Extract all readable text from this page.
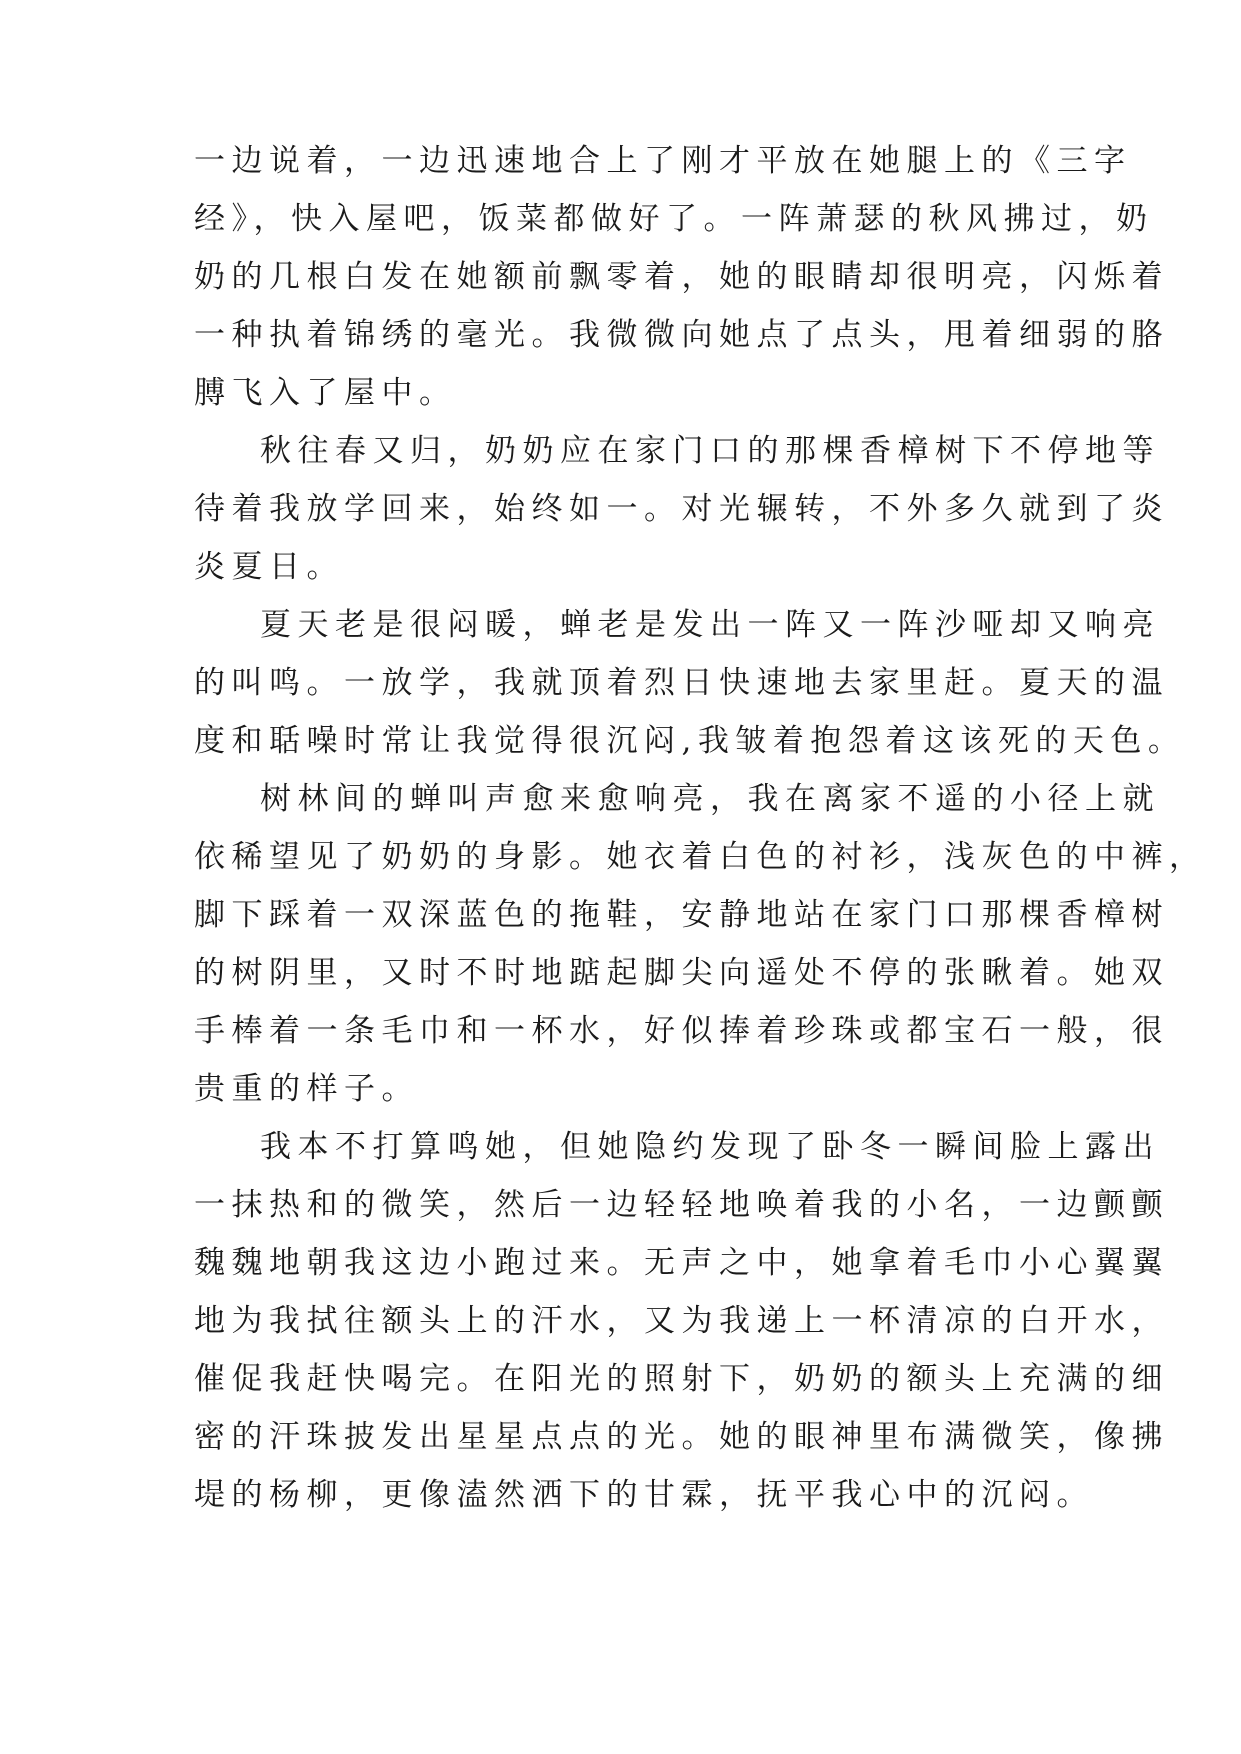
一边说着，一边迅速地合上了刚才平放在她腿上的《三字
经》，快入屋吧，饭菜都做好了。一阵萧瑟的秋风拂过，奶
奶的几根白发在她额前飘零着，她的眼睛却很明亮，闪烁着
一种执着锦绣的毫光。我微微向她点了点头，甩着细弱的胳
膊飞入了屋中。
秋往春又归，奶奶应在家门口的那棵香樟树下不停地等
待着我放学回来，始终如一。对光辗转，不外多久就到了炎
炎夏日。
夏天老是很闷暖，蝉老是发出一阵又一阵沙哑却又响亮
的叫鸣。一放学，我就顶着烈日快速地去家里赶。夏天的温
度和聒噪时常让我觉得很沉闷,我皱着抱怨着这该死的天色。
树林间的蝉叫声愈来愈响亮，我在离家不遥的小径上就
依稀望见了奶奶的身影。她衣着白色的衬衫，浅灰色的中裤，
脚下踩着一双深蓝色的拖鞋，安静地站在家门口那棵香樟树
的树阴里，又时不时地踮起脚尖向遥处不停的张瞅着。她双
手棒着一条毛巾和一杯水，好似捧着珍珠或都宝石一般，很
贵重的样子。
我本不打算鸣她，但她隐约发现了卧冬一瞬间脸上露出
一抹热和的微笑，然后一边轻轻地唤着我的小名，一边颤颤
魏魏地朝我这边小跑过来。无声之中，她拿着毛巾小心翼翼
地为我拭往额头上的汗水，又为我递上一杯清凉的白开水，
催促我赶快喝完。在阳光的照射下，奶奶的额头上充满的细
密的汗珠披发出星星点点的光。她的眼神里布满微笑，像拂
堤的杨柳，更像溘然洒下的甘霖，抚平我心中的沉闷。
